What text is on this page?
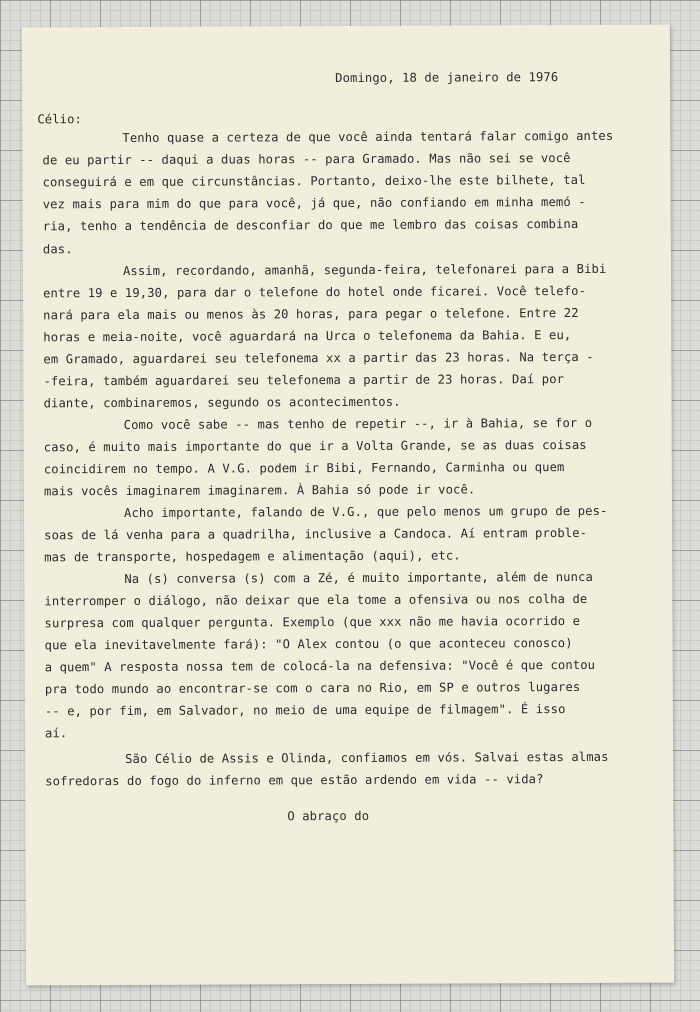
Domingo, 18 de janeiro de 1976
Célio:
Tenho quase a certeza de que você ainda tentará falar comigo antes
de eu partir -- daqui a duas horas -- para Gramado. Mas não sei se você
conseguirá e em que circunstâncias. Portanto, deixo-lhe este bilhete, tal
vez mais para mim do que para você, já que, não confiando em minha memó -
ria, tenho a tendência de desconfiar do que me lembro das coisas combina
das.
Assim, recordando, amanhã, segunda-feira, telefonarei para a Bibi
entre 19 e 19,30, para dar o telefone do hotel onde ficarei. Você telefo-
nará para ela mais ou menos às 20 horas, para pegar o telefone. Entre 22
horas e meia-noite, você aguardará na Urca o telefonema da Bahia. E eu,
em Gramado, aguardarei seu telefonema xx a partir das 23 horas. Na terça -
-feira, também aguardarei seu telefonema a partir de 23 horas. Daí por
diante, combinaremos, segundo os acontecimentos.
Como você sabe -- mas tenho de repetir --, ir à Bahia, se for o
caso, é muito mais importante do que ir a Volta Grande, se as duas coisas
coincidirem no tempo. A V.G. podem ir Bibi, Fernando, Carminha ou quem
mais vocês imaginarem imaginarem. À Bahia só pode ir você.
Acho importante, falando de V.G., que pelo menos um grupo de pes-
soas de lá venha para a quadrilha, inclusive a Candoca. Aí entram proble-
mas de transporte, hospedagem e alimentação (aqui), etc.
Na (s) conversa (s) com a Zé, é muito importante, além de nunca
interromper o diálogo, não deixar que ela tome a ofensiva ou nos colha de
surpresa com qualquer pergunta. Exemplo (que xxx não me havia ocorrido e
que ela inevitavelmente fará): "O Alex contou (o que aconteceu conosco)
a quem" A resposta nossa tem de colocá-la na defensiva: "Você é que contou
pra todo mundo ao encontrar-se com o cara no Rio, em SP e outros lugares
-- e, por fim, em Salvador, no meio de uma equipe de filmagem". É isso
aí.
São Célio de Assis e Olinda, confiamos em vós. Salvai estas almas
sofredoras do fogo do inferno em que estão ardendo em vida -- vida?
O abraço do
